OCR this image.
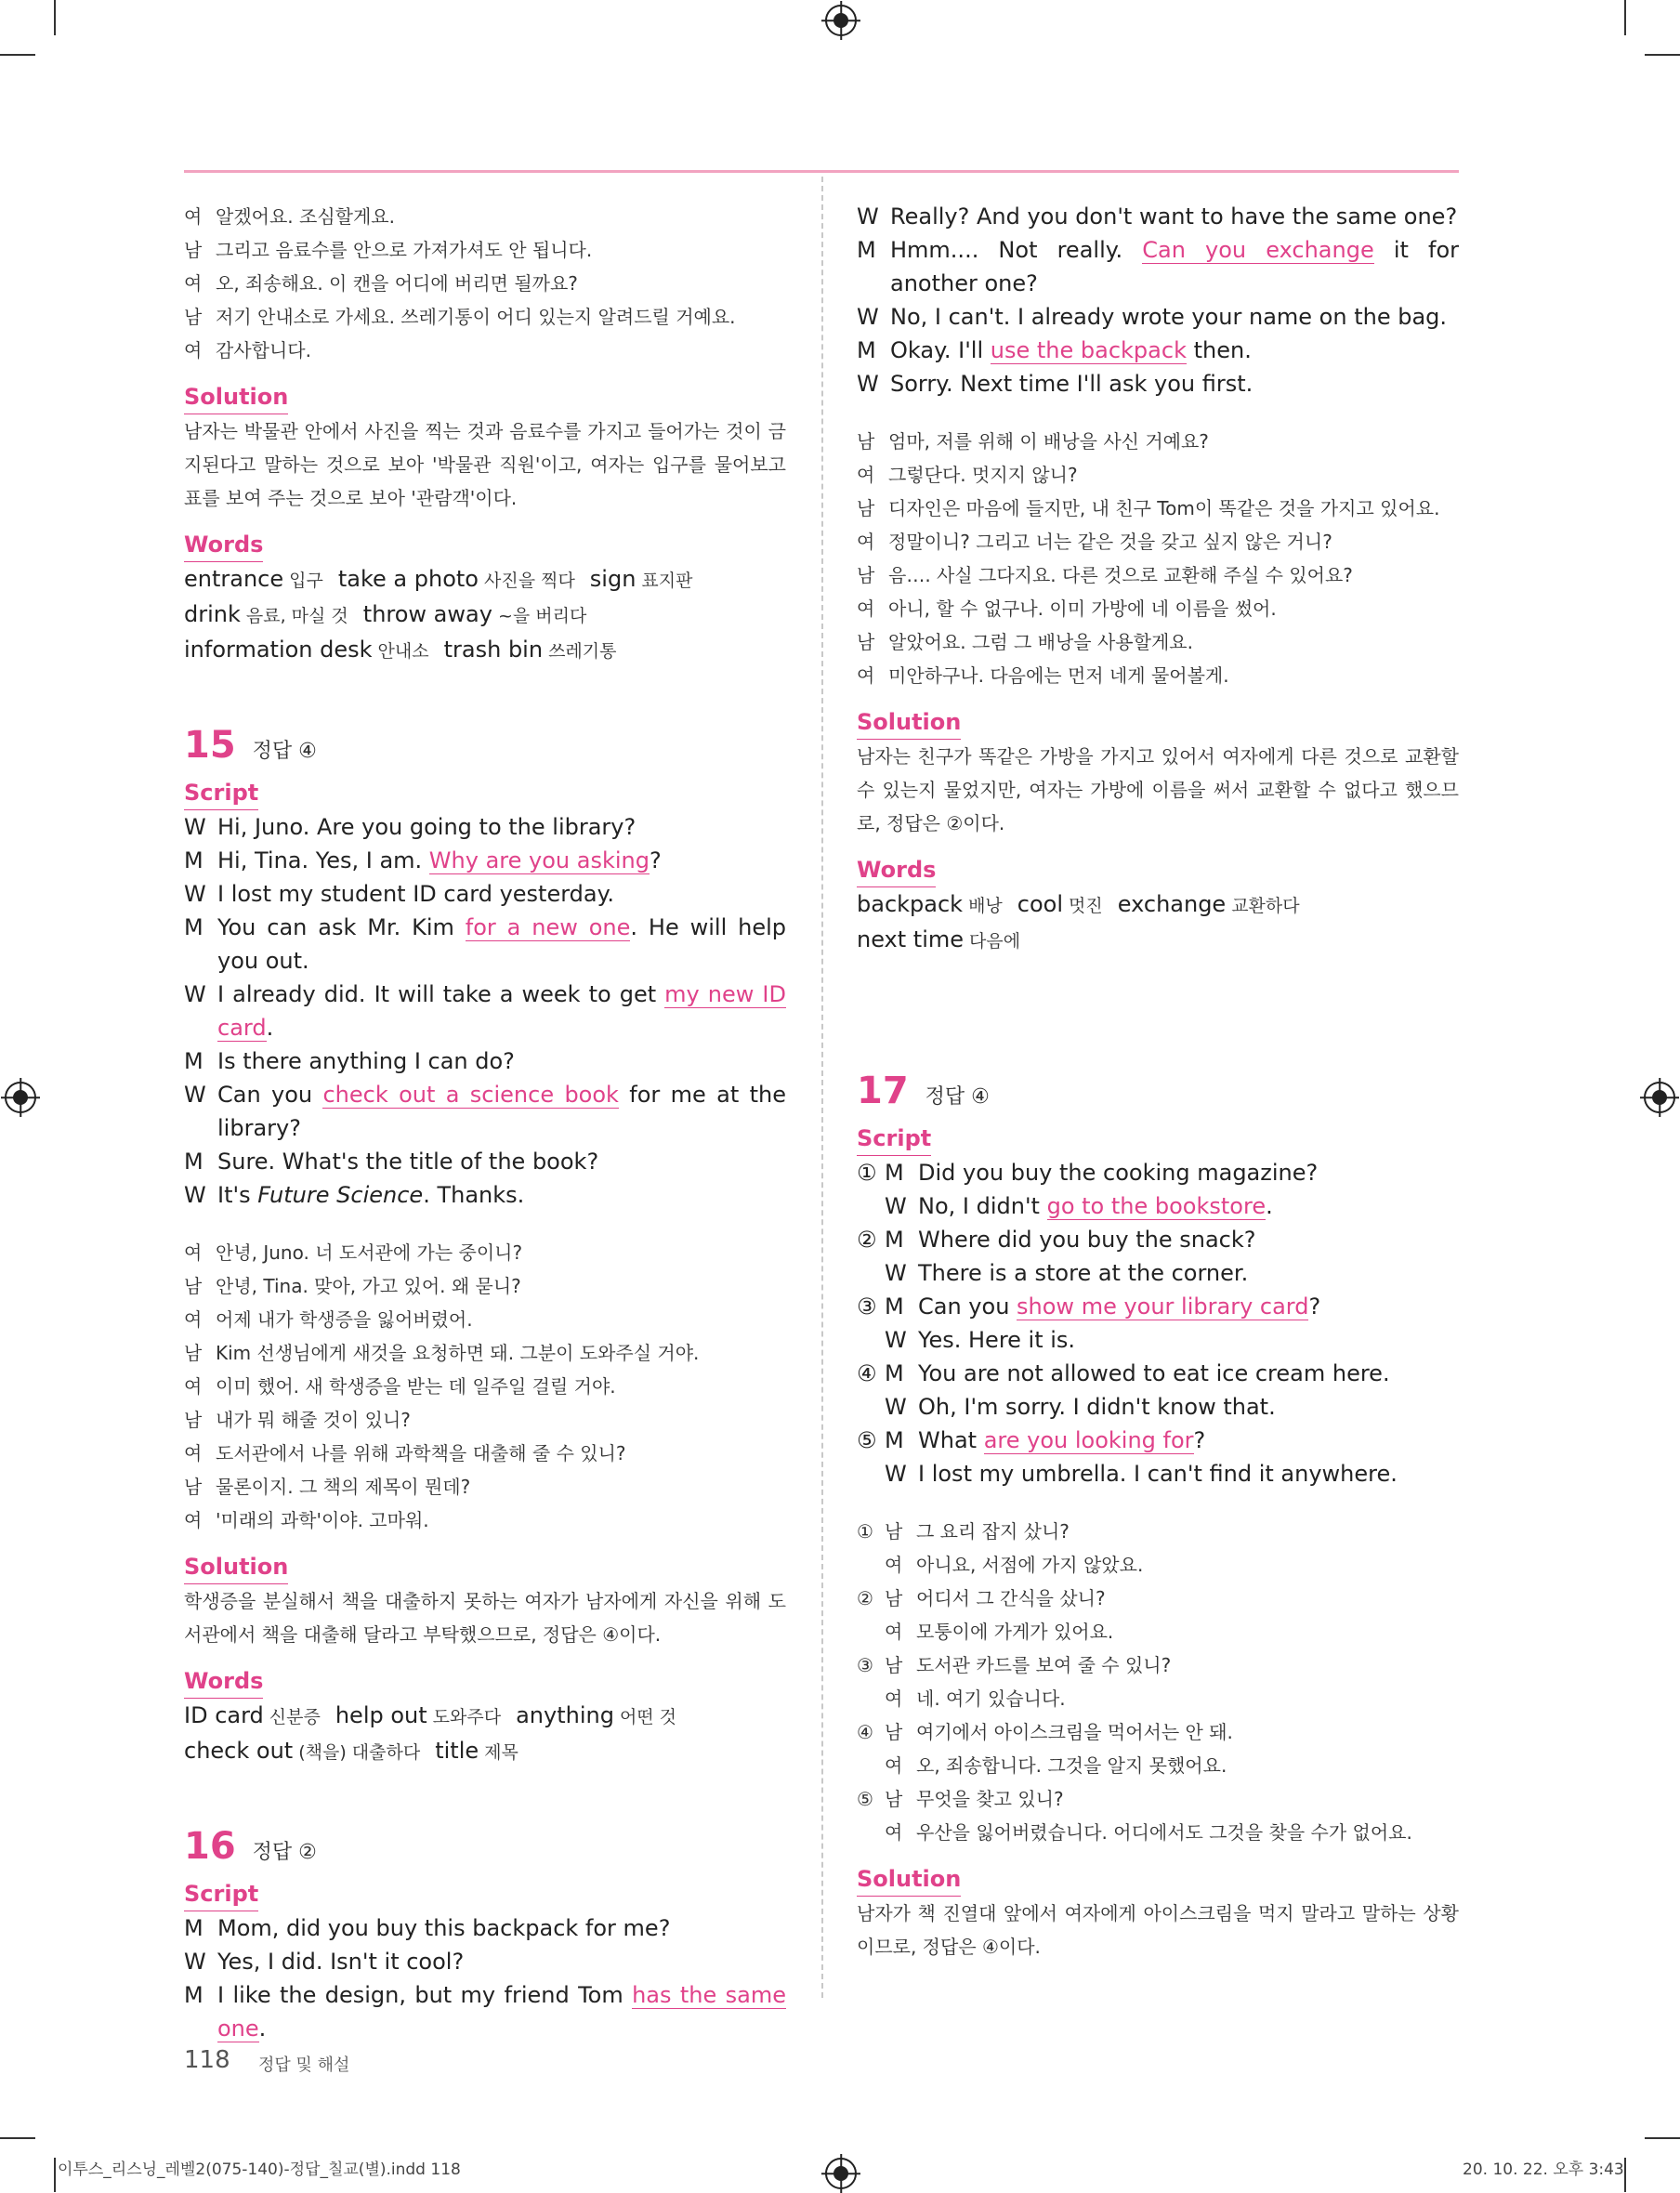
여 알겠어요. 조심할게요.
남 그리고 음료수를 안으로 가져가셔도 안 됩니다.
여 오, 죄송해요. 이 캔을 어디에 버리면 될까요?
남 저기 안내소로 가세요. 쓰레기통이 어디 있는지 알려드릴 거예요.
여 감사합니다.
Solution
남자는 박물관 안에서 사진을 찍는 것과 음료수를 가지고 들어가는 것이 금지된다고 말하는 것으로 보아 '박물관 직원'이고, 여자는 입구를 물어보고 표를 보여 주는 것으로 보아 '관람객'이다.
Words
entrance 입구 take a photo 사진을 찍다 sign 표지판
drink 음료, 마실 것 throw away ~을 버리다
information desk 안내소 trash bin 쓰레기통
15 정답 ④
Script
W Hi, Juno. Are you going to the library?
M Hi, Tina. Yes, I am. Why are you asking?
W I lost my student ID card yesterday.
M You can ask Mr. Kim for a new one. He will help you out.
W I already did. It will take a week to get my new ID card.
M Is there anything I can do?
W Can you check out a science book for me at the library?
M Sure. What's the title of the book?
W It's Future Science. Thanks.
여 안녕, Juno. 너 도서관에 가는 중이니?
남 안녕, Tina. 맞아, 가고 있어. 왜 묻니?
여 어제 내가 학생증을 잃어버렸어.
남 Kim 선생님에게 새것을 요청하면 돼. 그분이 도와주실 거야.
여 이미 했어. 새 학생증을 받는 데 일주일 걸릴 거야.
남 내가 뭐 해줄 것이 있니?
여 도서관에서 나를 위해 과학책을 대출해 줄 수 있니?
남 물론이지. 그 책의 제목이 뭔데?
여 '미래의 과학'이야. 고마워.
Solution
학생증을 분실해서 책을 대출하지 못하는 여자가 남자에게 자신을 위해 도서관에서 책을 대출해 달라고 부탁했으므로, 정답은 ④이다.
Words
ID card 신분증 help out 도와주다 anything 어떤 것
check out (책을) 대출하다 title 제목
16 정답 ②
Script
M Mom, did you buy this backpack for me?
W Yes, I did. Isn't it cool?
M I like the design, but my friend Tom has the same one.
W Really? And you don't want to have the same one?
M Hmm.... Not really. Can you exchange it for another one?
W No, I can't. I already wrote your name on the bag.
M Okay. I'll use the backpack then.
W Sorry. Next time I'll ask you first.
남 엄마, 저를 위해 이 배낭을 사신 거예요?
여 그렇단다. 멋지지 않니?
남 디자인은 마음에 들지만, 내 친구 Tom이 똑같은 것을 가지고 있어요.
여 정말이니? 그리고 너는 같은 것을 갖고 싶지 않은 거니?
남 음…. 사실 그다지요. 다른 것으로 교환해 주실 수 있어요?
여 아니, 할 수 없구나. 이미 가방에 네 이름을 썼어.
남 알았어요. 그럼 그 배낭을 사용할게요.
여 미안하구나. 다음에는 먼저 네게 물어볼게.
Solution
남자는 친구가 똑같은 가방을 가지고 있어서 여자에게 다른 것으로 교환할 수 있는지 물었지만, 여자는 가방에 이름을 써서 교환할 수 없다고 했으므로, 정답은 ②이다.
Words
backpack 배낭 cool 멋진 exchange 교환하다
next time 다음에
17 정답 ④
Script
① M Did you buy the cooking magazine?
W No, I didn't go to the bookstore.
② M Where did you buy the snack?
W There is a store at the corner.
③ M Can you show me your library card?
W Yes. Here it is.
④ M You are not allowed to eat ice cream here.
W Oh, I'm sorry. I didn't know that.
⑤ M What are you looking for?
W I lost my umbrella. I can't find it anywhere.
① 남 그 요리 잡지 샀니?
여 아니요, 서점에 가지 않았요.
② 남 어디서 그 간식을 샀니?
여 모퉁이에 가게가 있어요.
③ 남 도서관 카드를 보여 줄 수 있니?
여 네. 여기 있습니다.
④ 남 여기에서 아이스크림을 먹어서는 안 돼.
여 오, 죄송합니다. 그것을 알지 못했어요.
⑤ 남 무엇을 찾고 있니?
여 우산을 잃어버렸습니다. 어디에서도 그것을 찾을 수가 없어요.
Solution
남자가 책 진열대 앞에서 여자에게 아이스크림을 먹지 말라고 말하는 상황이므로, 정답은 ④이다.
118 정답 및 해설
이투스_리스닝_레벨2(075-140)-정답_칠교(별).indd 118	20. 10. 22. 오후 3:43
